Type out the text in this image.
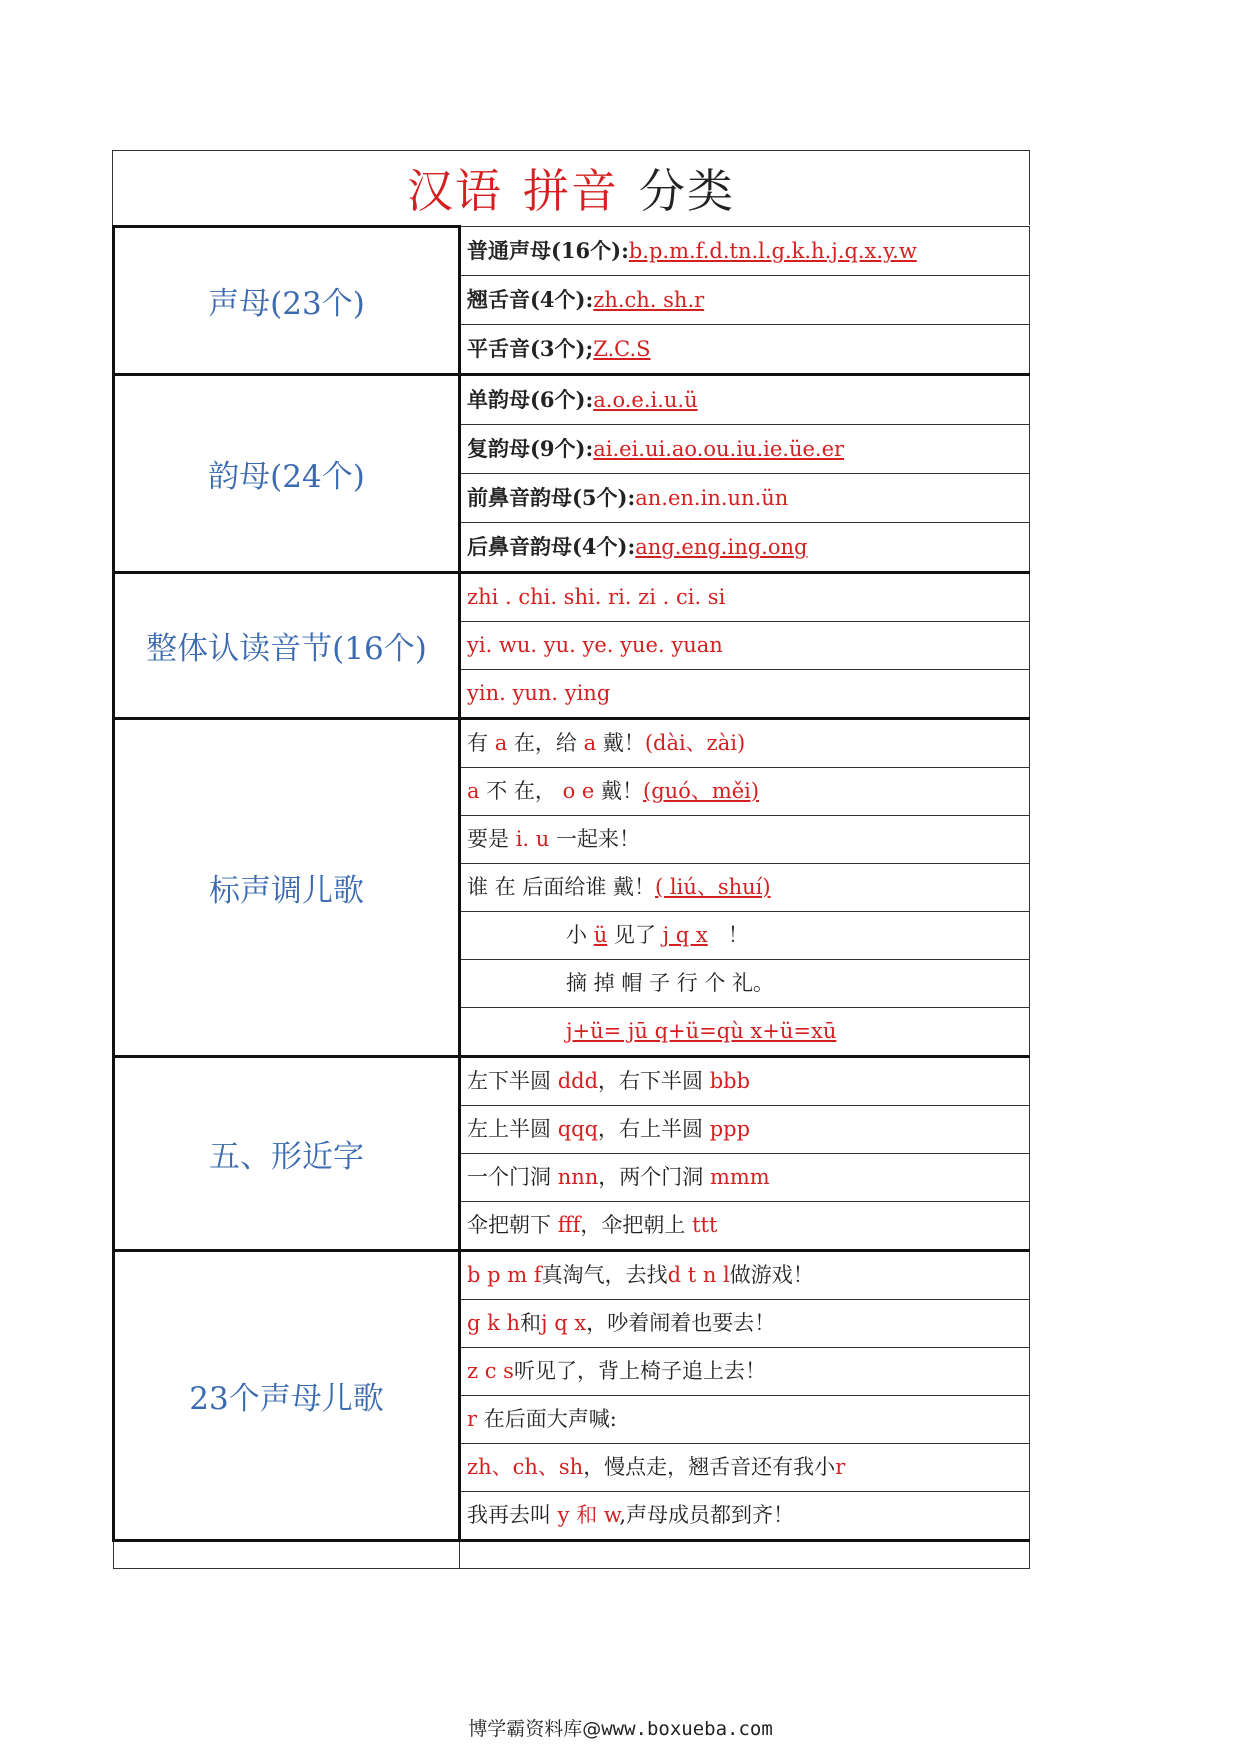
汉语 拼音 分类
声母(23个)	普通声母(16个):b.p.m.f.d.tn.l.g.k.h.j.q.x.y.w
	翘舌音(4个):zh.ch. sh.r
	平舌音(3个);Z.C.S
韵母(24个)	单韵母(6个):a.o.e.i.u.ü
	复韵母(9个):ai.ei.ui.ao.ou.iu.ie.üe.er
	前鼻音韵母(5个):an.en.in.un.ün
	后鼻音韵母(4个):ang.eng.ing.ong
整体认读音节(16个)	zhi . chi. shi. ri. zi . ci. si
	yi. wu. yu. ye. yue. yuan
	yin. yun. ying
标声调儿歌	有 a 在，给 a 戴！(dài、zài)
	a 不 在， o e 戴！(guó、měi)
	要是 i. u 一起来！
	谁 在 后面给谁 戴！( liú、shuí)
	小 ü 见了 j q x ！
	摘 掉 帽 子 行 个 礼。
	j+ü= jū q+ü=qù x+ü=xū
五、形近字	左下半圆 ddd，右下半圆 bbb
	左上半圆 qqq，右上半圆 ppp
	一个门洞 nnn，两个门洞 mmm
	伞把朝下 fff，伞把朝上 ttt
23个声母儿歌	b p m f真淘气，去找d t n l做游戏！
	g k h和j q x，吵着闹着也要去！
	z c s听见了，背上椅子追上去！
	r 在后面大声喊:
	zh、ch、sh，慢点走，翘舌音还有我小r
	我再去叫 y 和 w,声母成员都到齐！

博学霸资料库@www.boxueba.com
